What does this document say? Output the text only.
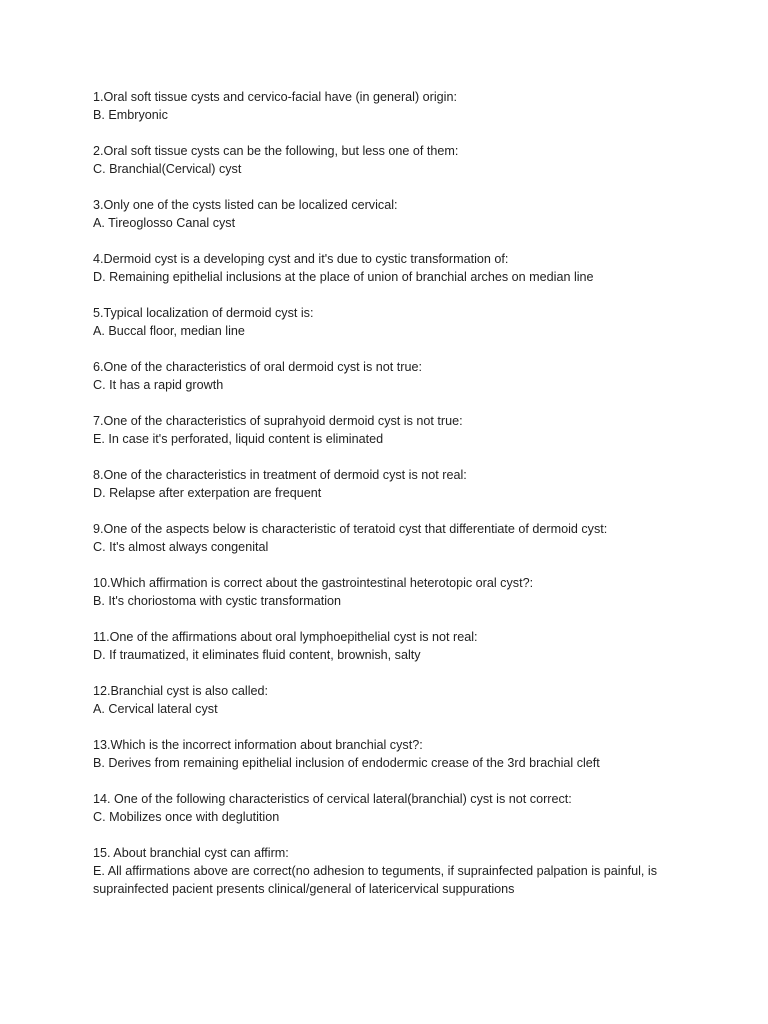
1.Oral soft tissue cysts and cervico-facial have (in general) origin:

B. Embryonic

2.Oral soft tissue cysts can be the following, but less one of them:

C. Branchial(Cervical) cyst

3.Only one of the cysts listed can be localized cervical:

A. Tireoglosso Canal cyst

4.Dermoid cyst is a developing cyst and it's due to cystic transformation of:

D. Remaining epithelial inclusions at the place of union of branchial arches on median line

5.Typical localization of dermoid cyst is:

A. Buccal floor, median line

6.One of the characteristics of oral dermoid cyst is not true:

C. It has a rapid growth

7.One of the characteristics of suprahyoid dermoid cyst is not true:

E. In case it's perforated, liquid content is eliminated

8.One of the characteristics in treatment of dermoid cyst is not real:

D. Relapse after exterpation are frequent

9.One of the aspects below is characteristic of teratoid cyst that differentiate of dermoid cyst:

C. It's almost always congenital

10.Which affirmation is correct about the gastrointestinal heterotopic oral cyst?:

B. It's choriostoma with cystic transformation

11.One of the affirmations about oral lymphoepithelial cyst is not real:

D. If traumatized, it eliminates fluid content, brownish, salty

12.Branchial cyst is also called:

A. Cervical lateral cyst

13.Which is the incorrect information about branchial cyst?:

B. Derives from remaining epithelial inclusion of endodermic crease of the 3rd brachial cleft

14. One of the following characteristics of cervical lateral(branchial) cyst is not correct:

C. Mobilizes once with deglutition

15. About branchial cyst can affirm:

E. All affirmations above are correct(no adhesion to teguments, if suprainfected palpation is painful, is suprainfected pacient presents clinical/general of latericervical suppurations
